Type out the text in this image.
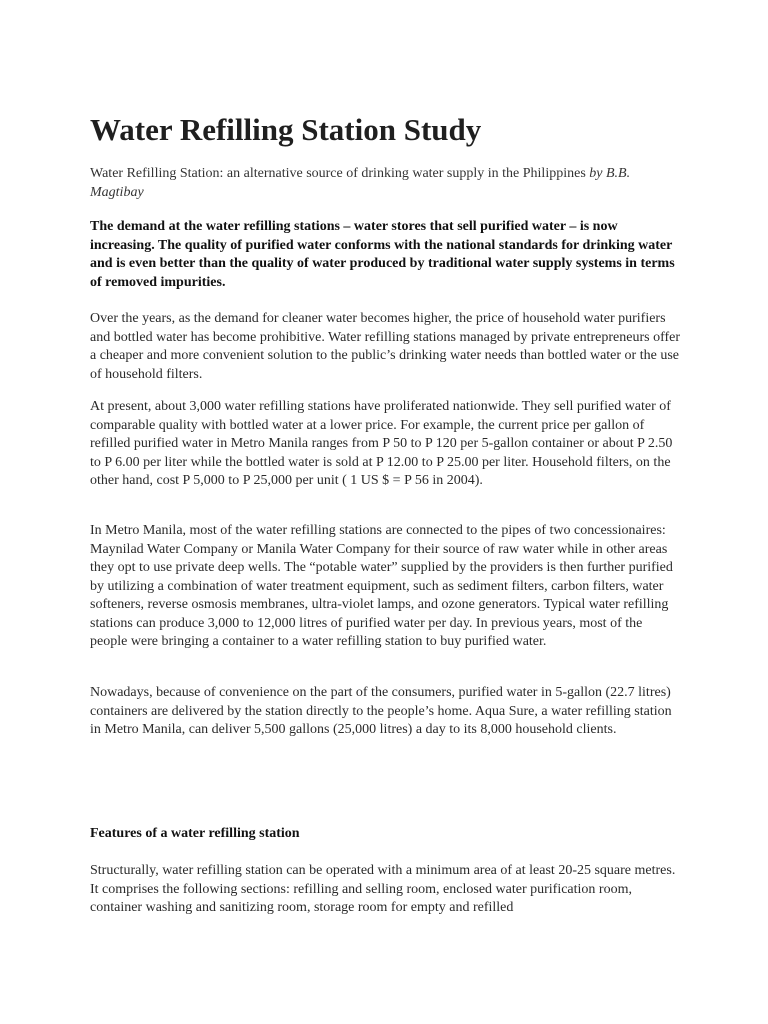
Water Refilling Station Study

Water Refilling Station: an alternative source of drinking water supply in the Philippines by B.B. Magtibay

The demand at the water refilling stations – water stores that sell purified water – is now increasing. The quality of purified water conforms with the national standards for drinking water and is even better than the quality of water produced by traditional water supply systems in terms of removed impurities.

Over the years, as the demand for cleaner water becomes higher, the price of household water purifiers and bottled water has become prohibitive. Water refilling stations managed by private entrepreneurs offer a cheaper and more convenient solution to the public’s drinking water needs than bottled water or the use of household filters.

At present, about 3,000 water refilling stations have proliferated nationwide. They sell purified water of comparable quality with bottled water at a lower price. For example, the current price per gallon of refilled purified water in Metro Manila ranges from P 50 to P 120 per 5-gallon container or about P 2.50 to P 6.00 per liter while the bottled water is sold at P 12.00 to P 25.00 per liter. Household filters, on the other hand, cost P 5,000 to P 25,000 per unit ( 1 US $ = P 56 in 2004).

In Metro Manila, most of the water refilling stations are connected to the pipes of two concessionaires: Maynilad Water Company or Manila Water Company for their source of raw water while in other areas they opt to use private deep wells. The “potable water” supplied by the providers is then further purified by utilizing a combination of water treatment equipment, such as sediment filters, carbon filters, water softeners, reverse osmosis membranes, ultra-violet lamps, and ozone generators. Typical water refilling stations can produce 3,000 to 12,000 litres of purified water per day. In previous years, most of the people were bringing a container to a water refilling station to buy purified water.

Nowadays, because of convenience on the part of the consumers, purified water in 5-gallon (22.7 litres) containers are delivered by the station directly to the people’s home. Aqua Sure, a water refilling station in Metro Manila, can deliver 5,500 gallons (25,000 litres) a day to its 8,000 household clients.

Features of a water refilling station

Structurally, water refilling station can be operated with a minimum area of at least 20-25 square metres. It comprises the following sections: refilling and selling room, enclosed water purification room, container washing and sanitizing room, storage room for empty and refilled
